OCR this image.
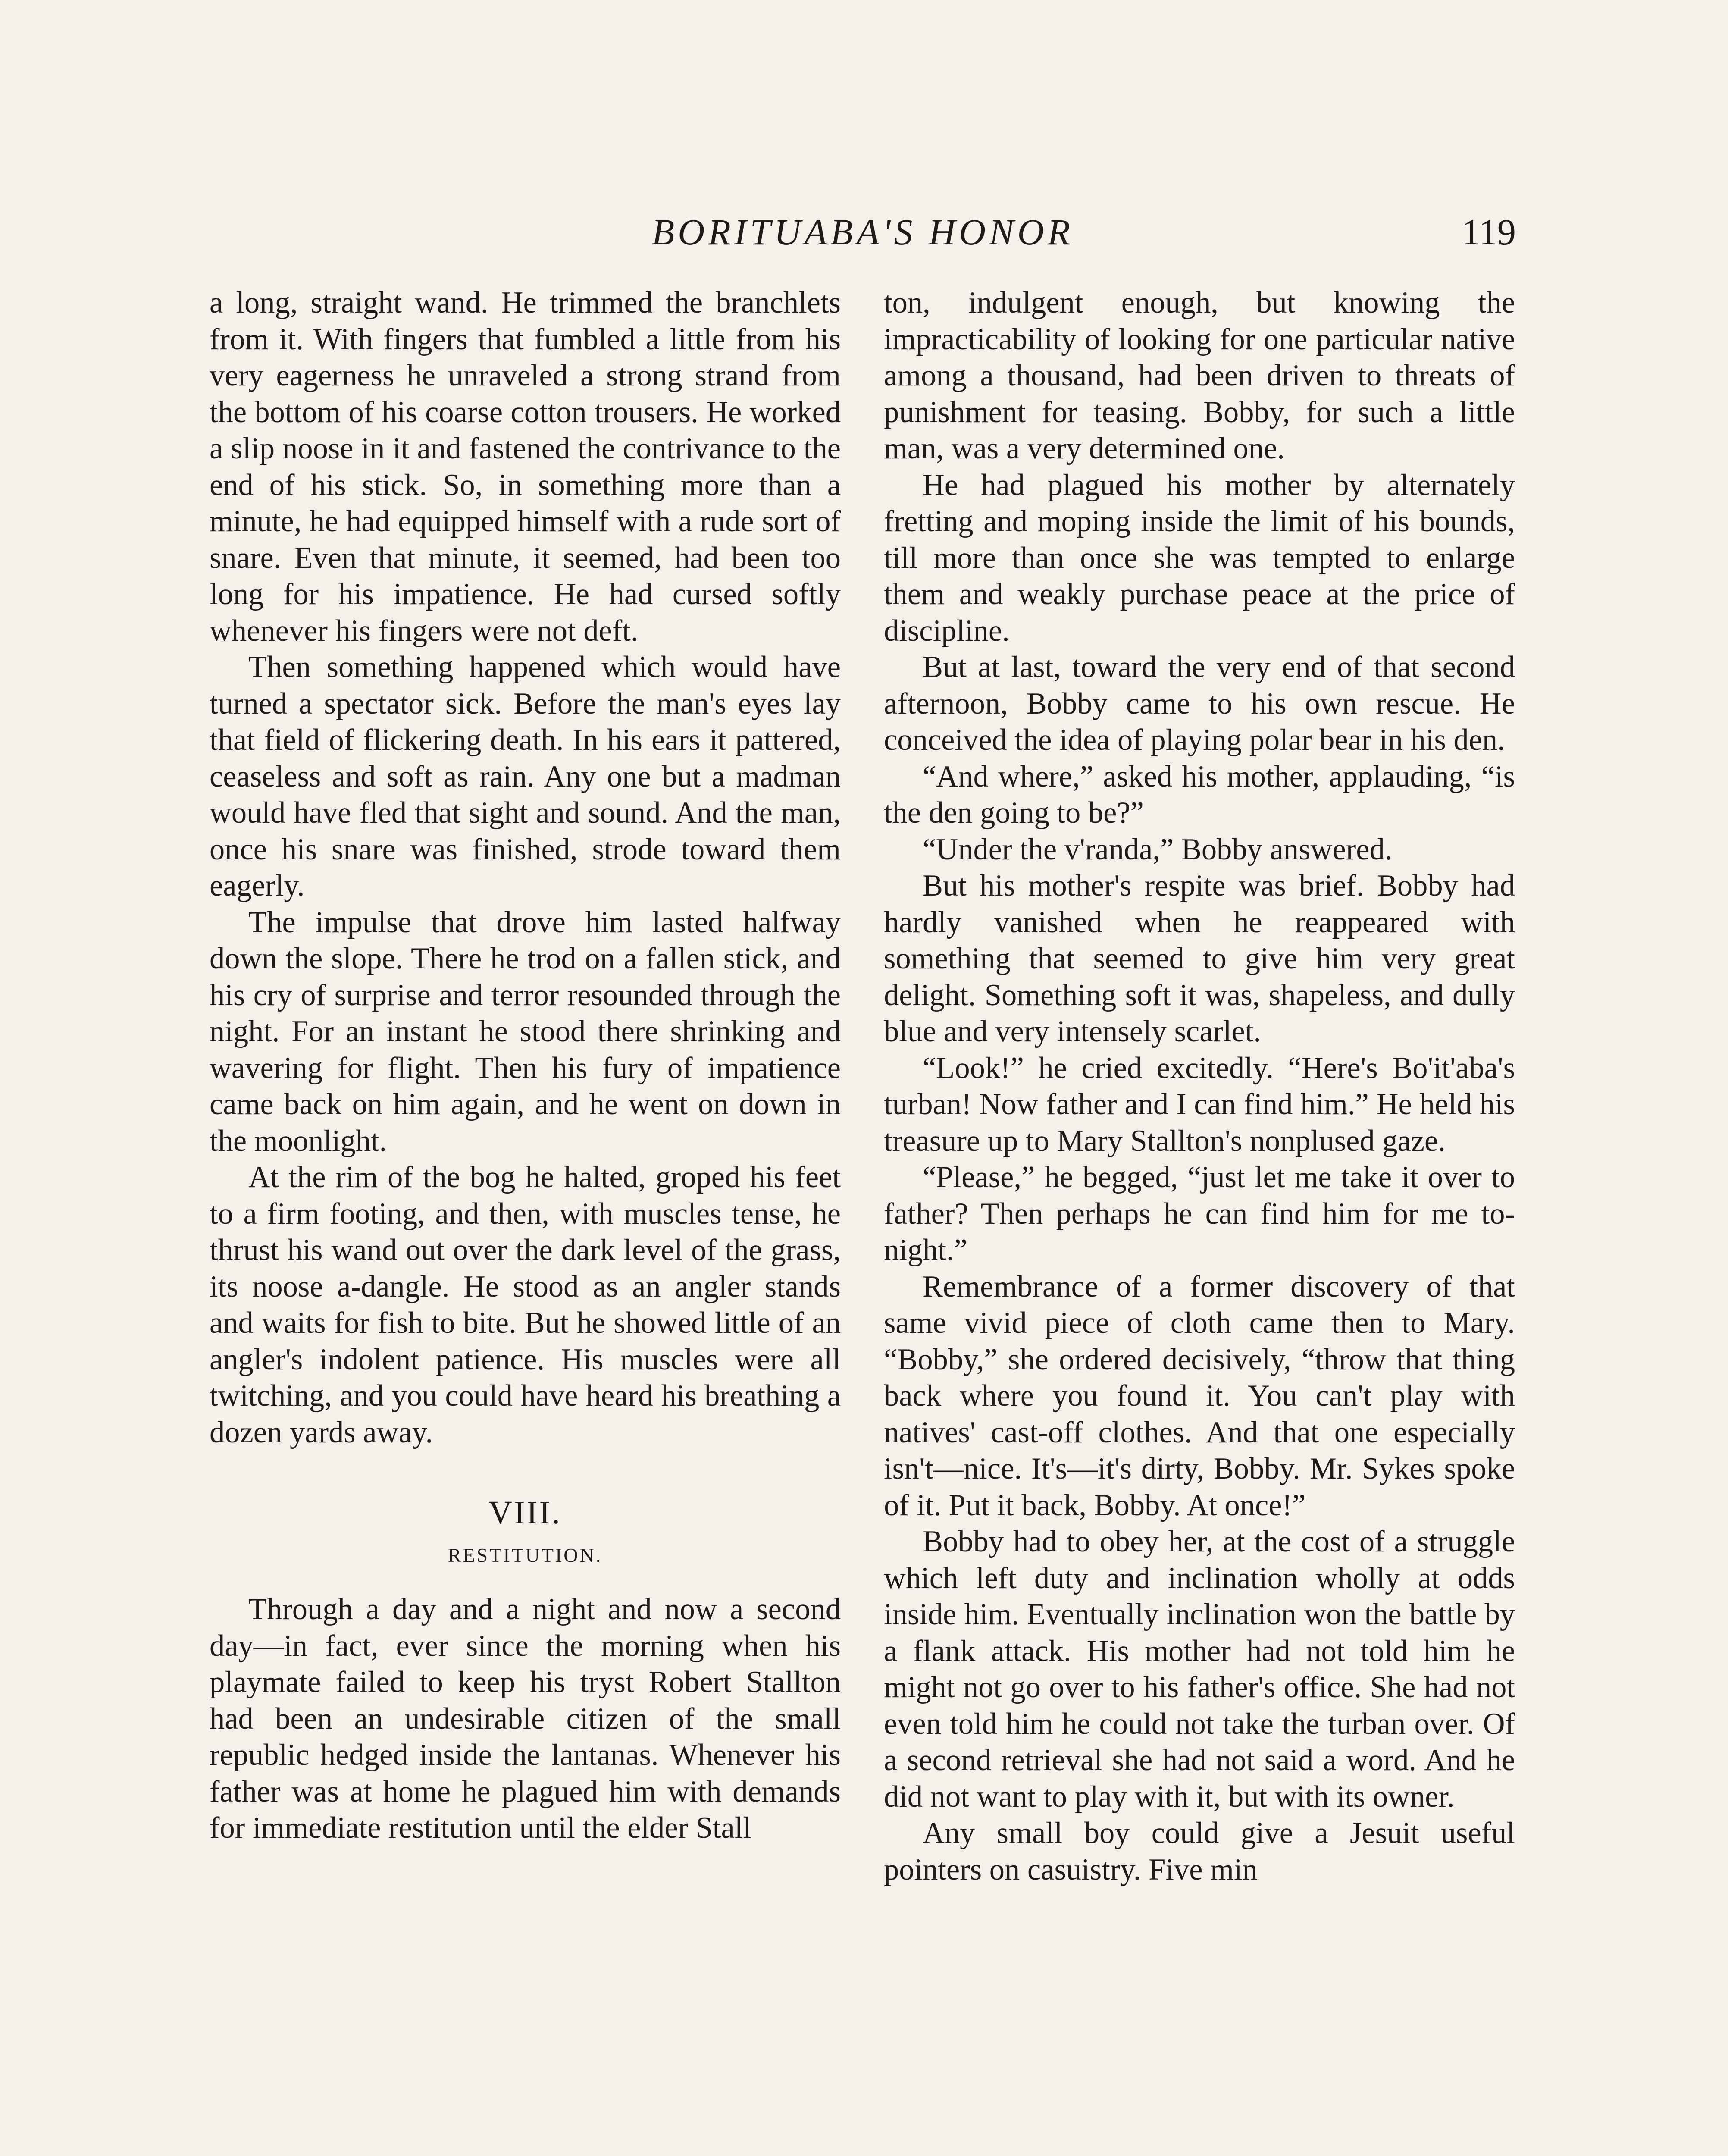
BORITUABA'S HONOR	119

a long, straight wand. He trimmed the branchlets from it. With fingers that fumbled a little from his very eagerness he unraveled a strong strand from the bottom of his coarse cotton trousers. He worked a slip noose in it and fastened the contrivance to the end of his stick. So, in something more than a minute, he had equipped himself with a rude sort of snare. Even that minute, it seemed, had been too long for his impatience. He had cursed softly whenever his fingers were not deft.

Then something happened which would have turned a spectator sick. Before the man's eyes lay that field of flickering death. In his ears it pattered, ceaseless and soft as rain. Any one but a madman would have fled that sight and sound. And the man, once his snare was finished, strode toward them eagerly.

The impulse that drove him lasted halfway down the slope. There he trod on a fallen stick, and his cry of surprise and terror resounded through the night. For an instant he stood there shrinking and wavering for flight. Then his fury of impatience came back on him again, and he went on down in the moonlight.

At the rim of the bog he halted, groped his feet to a firm footing, and then, with muscles tense, he thrust his wand out over the dark level of the grass, its noose a-dangle. He stood as an angler stands and waits for fish to bite. But he showed little of an angler's indolent patience. His muscles were all twitching, and you could have heard his breathing a dozen yards away.

VIII.
RESTITUTION.

Through a day and a night and now a second day—in fact, ever since the morning when his playmate failed to keep his tryst Robert Stallton had been an undesirable citizen of the small republic hedged inside the lantanas. Whenever his father was at home he plagued him with demands for immediate restitution until the elder Stall

ton, indulgent enough, but knowing the impracticability of looking for one particular native among a thousand, had been driven to threats of punishment for teasing. Bobby, for such a little man, was a very determined one.

He had plagued his mother by alternately fretting and moping inside the limit of his bounds, till more than once she was tempted to enlarge them and weakly purchase peace at the price of discipline.

But at last, toward the very end of that second afternoon, Bobby came to his own rescue. He conceived the idea of playing polar bear in his den.

“And where,” asked his mother, applauding, “is the den going to be?”

“Under the v'randa,” Bobby answered.

But his mother's respite was brief. Bobby had hardly vanished when he reappeared with something that seemed to give him very great delight. Something soft it was, shapeless, and dully blue and very intensely scarlet.

“Look!” he cried excitedly. “Here's Bo'it'aba's turban! Now father and I can find him.” He held his treasure up to Mary Stallton's nonplused gaze.

“Please,” he begged, “just let me take it over to father? Then perhaps he can find him for me to-night.”

Remembrance of a former discovery of that same vivid piece of cloth came then to Mary. “Bobby,” she ordered decisively, “throw that thing back where you found it. You can't play with natives' cast-off clothes. And that one especially isn't—nice. It's—it's dirty, Bobby. Mr. Sykes spoke of it. Put it back, Bobby. At once!”

Bobby had to obey her, at the cost of a struggle which left duty and inclination wholly at odds inside him. Eventually inclination won the battle by a flank attack. His mother had not told him he might not go over to his father's office. She had not even told him he could not take the turban over. Of a second retrieval she had not said a word. And he did not want to play with it, but with its owner.

Any small boy could give a Jesuit useful pointers on casuistry. Five min
